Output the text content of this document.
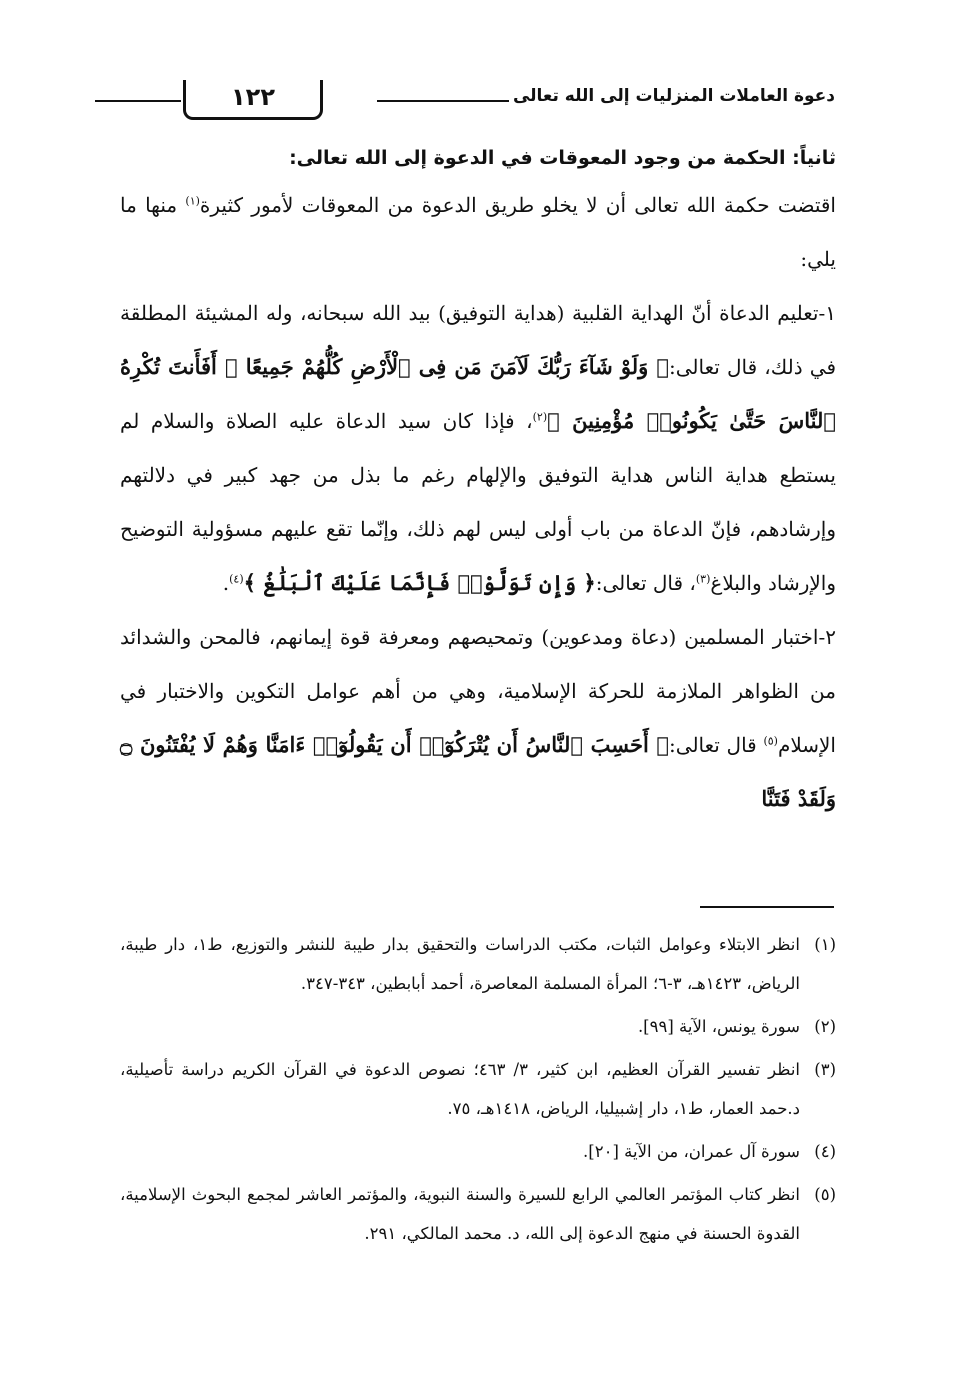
دعوة العاملات المنزليات إلى الله تعالى
١٢٢

ثانياً: الحكمة من وجود المعوقات في الدعوة إلى الله تعالى:

اقتضت حكمة الله تعالى أن لا يخلو طريق الدعوة من المعوقات لأمور كثيرة$^{(١)}$ منها ما يلي:

١-تعليم الدعاة أنّ الهداية القلبية (هداية التوفيق) بيد الله سبحانه، وله المشيئة المطلقة في ذلك، قال تعالى:﴿ وَلَوْ شَآءَ رَبُّكَ لَآمَنَ مَن فِى ٱلْأَرْضِ كُلُّهُمْ جَمِيعًا ۚ أَفَأَنتَ تُكْرِهُ ٱلنَّاسَ حَتَّىٰ يَكُونُوا۟ مُؤْمِنِينَ ﴾$^{(٢)}$، فإذا كان سيد الدعاة عليه الصلاة والسلام لم يستطع هداية الناس هداية التوفيق والإلهام رغم ما بذل من جهد كبير في دلالتهم وإرشادهم، فإنّ الدعاة من باب أولى ليس لهم ذلك، وإنّما تقع عليهم مسؤولية التوضيح والإرشاد والبلاغ$^{(٣)}$، قال تعالى:﴿ وَإِن تَوَلَّوْا۟ فَإِنَّمَا عَلَيْكَ ٱلْبَلَٰغُ ﴾$^{(٤)}$.

٢-اختبار المسلمين (دعاة ومدعوين) وتمحيصهم ومعرفة قوة إيمانهم، فالمحن والشدائد من الظواهر الملازمة للحركة الإسلامية، وهي من أهم عوامل التكوين والاختبار في الإسلام$^{(٥)}$ قال تعالى:﴿ أَحَسِبَ ٱلنَّاسُ أَن يُتْرَكُوٓا۟ أَن يَقُولُوٓا۟ ءَامَنَّا وَهُمْ لَا يُفْتَنُونَ ۝ وَلَقَدْ فَتَنَّا

(١)
انظر الابتلاء وعوامل الثبات، مكتب الدراسات والتحقيق بدار طيبة للنشر والتوزيع، ط١، دار طيبة، الرياض، ١٤٢٣هـ، ٣-٦؛ المرأة المسلمة المعاصرة، أحمد أبابطين، ٣٤٣-٣٤٧.

(٢)
سورة يونس، الآية [٩٩].

(٣)
انظر تفسير القرآن العظيم، ابن كثير، ٣/ ٤٦٣؛ نصوص الدعوة في القرآن الكريم دراسة تأصيلية، د.حمد العمار، ط١، دار إشبيليا، الرياض، ١٤١٨هـ، ٧٥.

(٤)
سورة آل عمران، من الآية [٢٠].

(٥)
انظر كتاب المؤتمر العالمي الرابع للسيرة والسنة النبوية، والمؤتمر العاشر لمجمع البحوث الإسلامية، القدوة الحسنة في منهج الدعوة إلى الله، د. محمد المالكي، ٢٩١.
